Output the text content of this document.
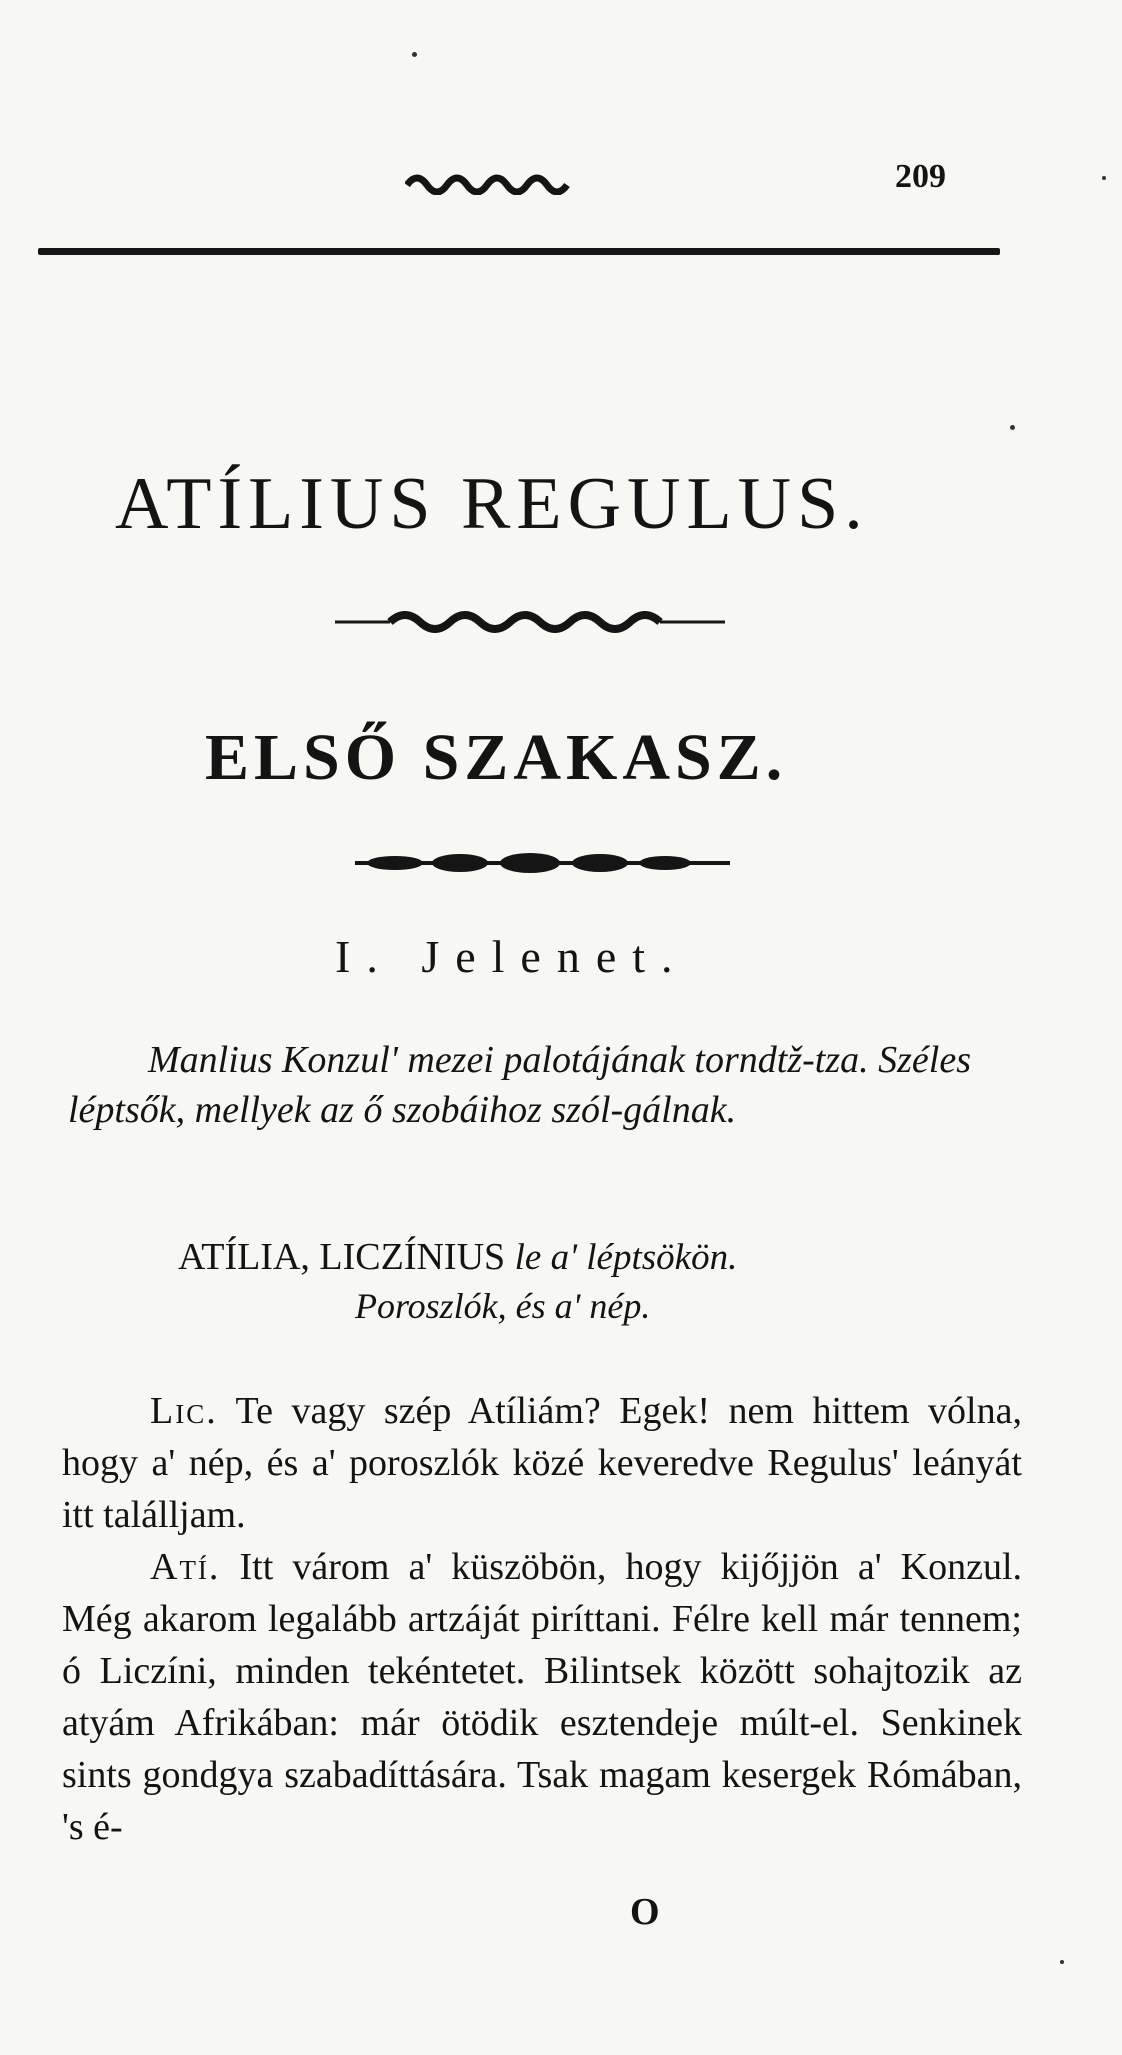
209
ATÍLIUS REGULUS.
ELSŐ SZAKASZ.
I. Jelenet.
Manlius Konzul' mezei palotájának torndtž-tza. Széles léptsők, mellyek az ő szobáihoz szól-gálnak.
ATÍLIA, LICZÍNIUS le a' léptsökön.
Poroszlók, és a' nép.

Lic. Te vagy szép Atíliám? Egek! nem hittem vólna, hogy a' nép, és a' poroszlók közé keveredve Regulus' leányát itt találljam.

Atí. Itt várom a' küszöbön, hogy kijőjjön a' Konzul. Még akarom legalább artzáját piríttani. Félre kell már tennem; ó Liczíni, minden tekéntetet. Bilintsek között sohajtozik az atyám Afrikában: már ötödik esztendeje múlt-el. Senkinek sints gondgya szabadíttására. Tsak magam kesergek Rómában, 's é-

O
